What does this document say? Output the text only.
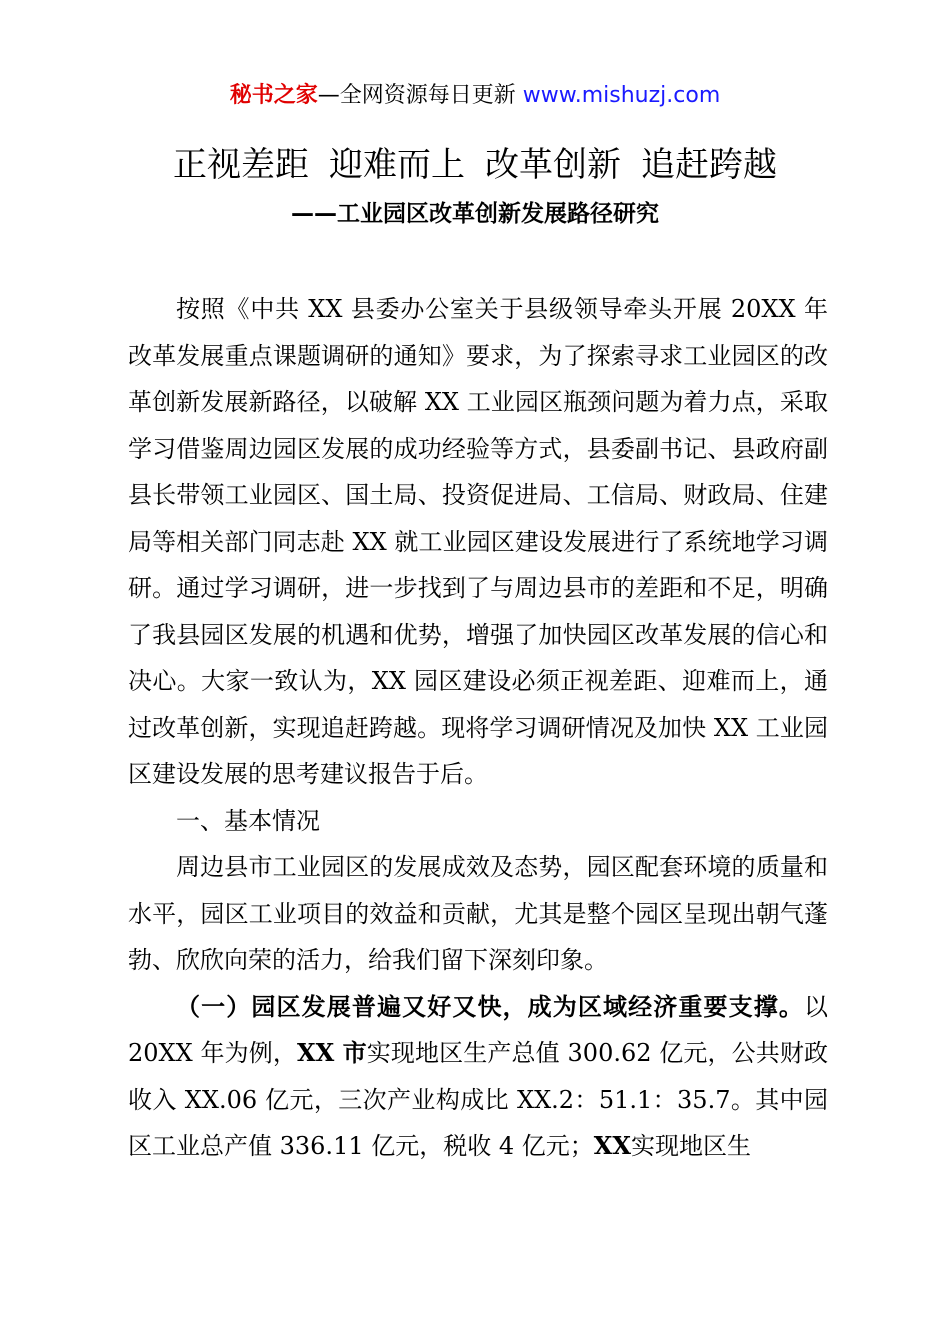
秘书之家—全网资源每日更新 www.mishuzj.com
正视差距 迎难而上 改革创新 追赶跨越
——工业园区改革创新发展路径研究

按照《中共 XX 县委办公室关于县级领导牵头开展 20XX 年改革发展重点课题调研的通知》要求，为了探索寻求工业园区的改革创新发展新路径，以破解 XX 工业园区瓶颈问题为着力点，采取学习借鉴周边园区发展的成功经验等方式，县委副书记、县政府副县长带领工业园区、国土局、投资促进局、工信局、财政局、住建局等相关部门同志赴 XX 就工业园区建设发展进行了系统地学习调研。通过学习调研，进一步找到了与周边县市的差距和不足，明确了我县园区发展的机遇和优势，增强了加快园区改革发展的信心和决心。大家一致认为，XX 园区建设必须正视差距、迎难而上，通过改革创新，实现追赶跨越。现将学习调研情况及加快 XX 工业园区建设发展的思考建议报告于后。

一、基本情况

周边县市工业园区的发展成效及态势，园区配套环境的质量和水平，园区工业项目的效益和贡献，尤其是整个园区呈现出朝气蓬勃、欣欣向荣的活力，给我们留下深刻印象。

（一）园区发展普遍又好又快，成为区域经济重要支撑。以 20XX 年为例，XX 市实现地区生产总值 300.62 亿元，公共财政收入 XX.06 亿元，三次产业构成比 XX.2：51.1：35.7。其中园区工业总产值 336.11 亿元，税收 4 亿元；XX实现地区生
